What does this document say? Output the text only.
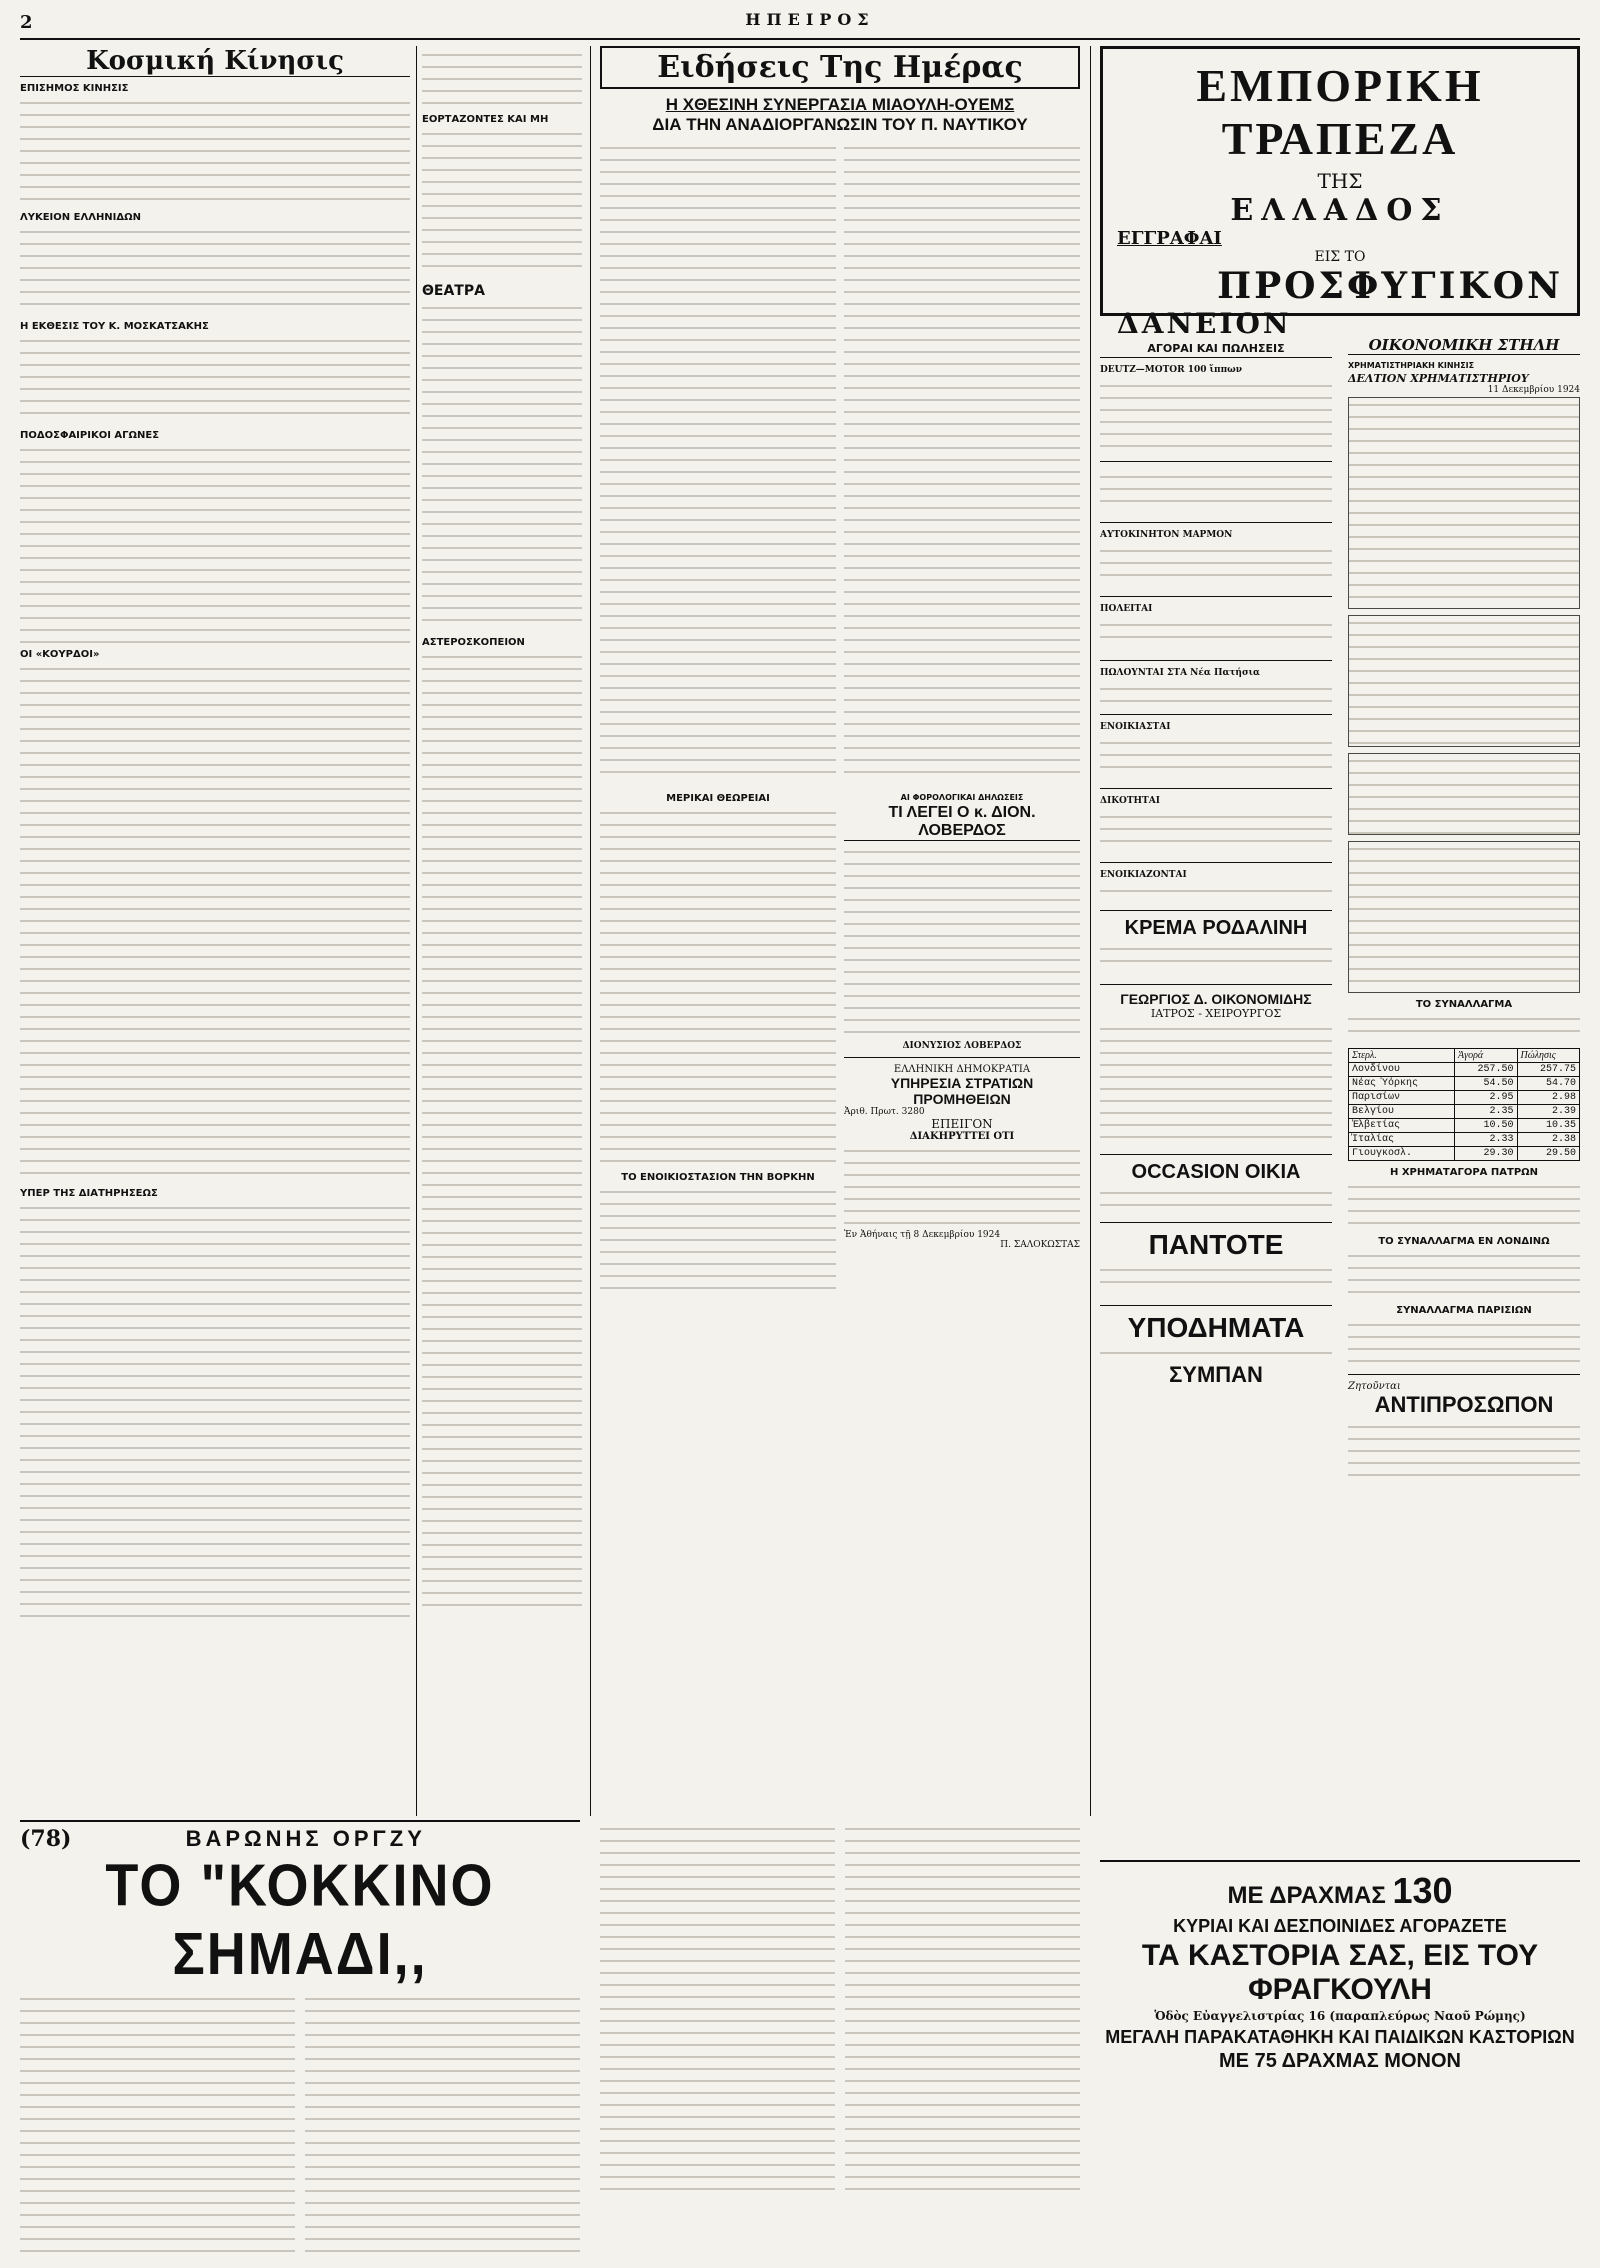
2	ΗΠΕΙΡΟΣ
Κοσμική Κίνησις
ΕΠΙΣΗΜΟΣ ΚΙΝΗΣΙΣ
ΛΥΚΕΙΟΝ ΕΛΛΗΝΙΔΩΝ
Η ΕΚΘΕΣΙΣ ΤΟΥ Κ. ΜΟΣΚΑΤΣΑΚΗΣ
ΠΟΔΟΣΦΑΙΡΙΚΟΙ ΑΓΩΝΕΣ
ΟΙ «ΚΟΥΡΔΟΙ»
ΥΠΕΡ ΤΗΣ ΔΙΑΤΗΡΗΣΕΩΣ
ΕΟΡΤΑΖΟΝΤΕΣ ΚΑΙ ΜΗ
ΘΕΑΤΡΑ
ΑΣΤΕΡΟΣΚΟΠΕΙΟΝ
Ειδήσεις Της Ημέρας
Η ΧΘΕΣΙΝΗ ΣΥΝΕΡΓΑΣΙΑ ΜΙΑΟΥΛΗ-ΟΥΕΜΣ
ΔΙΑ ΤΗΝ ΑΝΑΔΙΟΡΓΑΝΩΣΙΝ ΤΟΥ Π. ΝΑΥΤΙΚΟΥ
ΜΕΡΙΚΑΙ ΘΕΩΡΕΙΑΙ
ΤΟ ΕΝΟΙΚΙΟΣΤΑΣΙΟΝ ΤΗΝ ΒΟΡΚΗΝ
ΑΙ ΦΟΡΟΛΟΓΙΚΑΙ ΔΗΛΩΣΕΙΣ
ΤΙ ΛΕΓΕΙ Ο κ. ΔΙΟΝ. ΛΟΒΕΡΔΟΣ
ΔΙΟΝΥΣΙΟΣ ΛΟΒΕΡΔΟΣ
ΕΛΛΗΝΙΚΗ ΔΗΜΟΚΡΑΤΙΑ
ΥΠΗΡΕΣΙΑ ΣΤΡΑΤΙΩΝ ΠΡΟΜΗΘΕΙΩΝ
Ἀριθ. Πρωτ. 3280
ΕΠΕΙΓΟΝ
ΔΙΑΚΗΡΥΤΤΕΙ ΟΤΙ
Ἐν Ἀθήναις τῇ 8 Δεκεμβρίου 1924
Π. ΣΑΛΟΚΩΣΤΑΣ
ΕΜΠΟΡΙΚΗ ΤΡΑΠΕΖΑ
ΤΗΣ
ΕΛΛΑΔΟΣ
ΕΓΓΡΑΦΑΙ
ΕΙΣ ΤΟ
ΠΡΟΣΦΥΓΙΚΟΝ
ΔΑΝΕΙΟΝ
ΑΓΟΡΑΙ ΚΑΙ ΠΩΛΗΣΕΙΣ
DEUTZ—MOTOR 100 ἵππων
ΑΥΤΟΚΙΝΗΤΟΝ ΜΑΡΜΟΝ
ΠΟΛΕΙΤΑΙ
ΠΩΛΟΥΝΤΑΙ ΣΤΑ Νέα Πατήσια
ΕΝΟΙΚΙΑΣΤΑΙ
ΔΙΚΟΤΗΤΑΙ
ΕΝΟΙΚΙΑΖΟΝΤΑΙ
ΚΡΕΜΑ ΡΟΔΑΛΙΝΗ
ΓΕΩΡΓΙΟΣ Δ. ΟΙΚΟΝΟΜΙΔΗΣ
ΙΑΤΡΟΣ - ΧΕΙΡΟΥΡΓΟΣ
OCCASION ΟΙΚΙΑ
ΠΑΝΤΟΤΕ
ΥΠΟΔΗΜΑΤΑ
ΣΥΜΠΑΝ
ΟΙΚΟΝΟΜΙΚΗ ΣΤΗΛΗ
ΧΡΗΜΑΤΙΣΤΗΡΙΑΚΗ ΚΙΝΗΣΙΣ
ΔΕΛΤΙΟΝ ΧΡΗΜΑΤΙΣΤΗΡΙΟΥ
11 Δεκεμβρίου 1924
ΤΟ ΣΥΝΑΛΛΑΓΜΑ
Στερλ.	Ἀγορά	Πώλησις
Λονδίνου	257.50	257.75
Νέας Ὑόρκης	54.50	54.70
Παρισίων	2.95	2.98
Βελγίου	2.35	2.39
Ἑλβετίας	10.50	10.35
Ἰταλίας	2.33	2.38
Γιουγκοσλ.	29.30	29.50
Η ΧΡΗΜΑΤΑΓΟΡΑ ΠΑΤΡΩΝ
ΤΟ ΣΥΝΑΛΛΑΓΜΑ ΕΝ ΛΟΝΔΙΝΩ
ΣΥΝΑΛΛΑΓΜΑ ΠΑΡΙΣΙΩΝ
Ζητοῦνται
ΑΝΤΙΠΡΟΣΩΠΟΝ
(78)	ΒΑΡΩΝΗΣ ΟΡΓΖΥ
ΤΟ "ΚΟΚΚΙΝΟ ΣΗΜΑΔΙ,,
ΜΕ ΔΡΑΧΜΑΣ 130
ΚΥΡΙΑΙ ΚΑΙ ΔΕΣΠΟΙΝΙΔΕΣ ΑΓΟΡΑΖΕΤΕ
ΤΑ ΚΑΣΤΟΡΙΑ ΣΑΣ, ΕΙΣ ΤΟΥ ΦΡΑΓΚΟΥΛΗ
Ὁδὸς Εὐαγγελιστρίας 16 (παραπλεύρως Ναοῦ Ρώμης)
ΜΕΓΑΛΗ ΠΑΡΑΚΑΤΑΘΗΚΗ ΚΑΙ ΠΑΙΔΙΚΩΝ ΚΑΣΤΟΡΙΩΝ
ΜΕ 75 ΔΡΑΧΜΑΣ ΜΟΝΟΝ
